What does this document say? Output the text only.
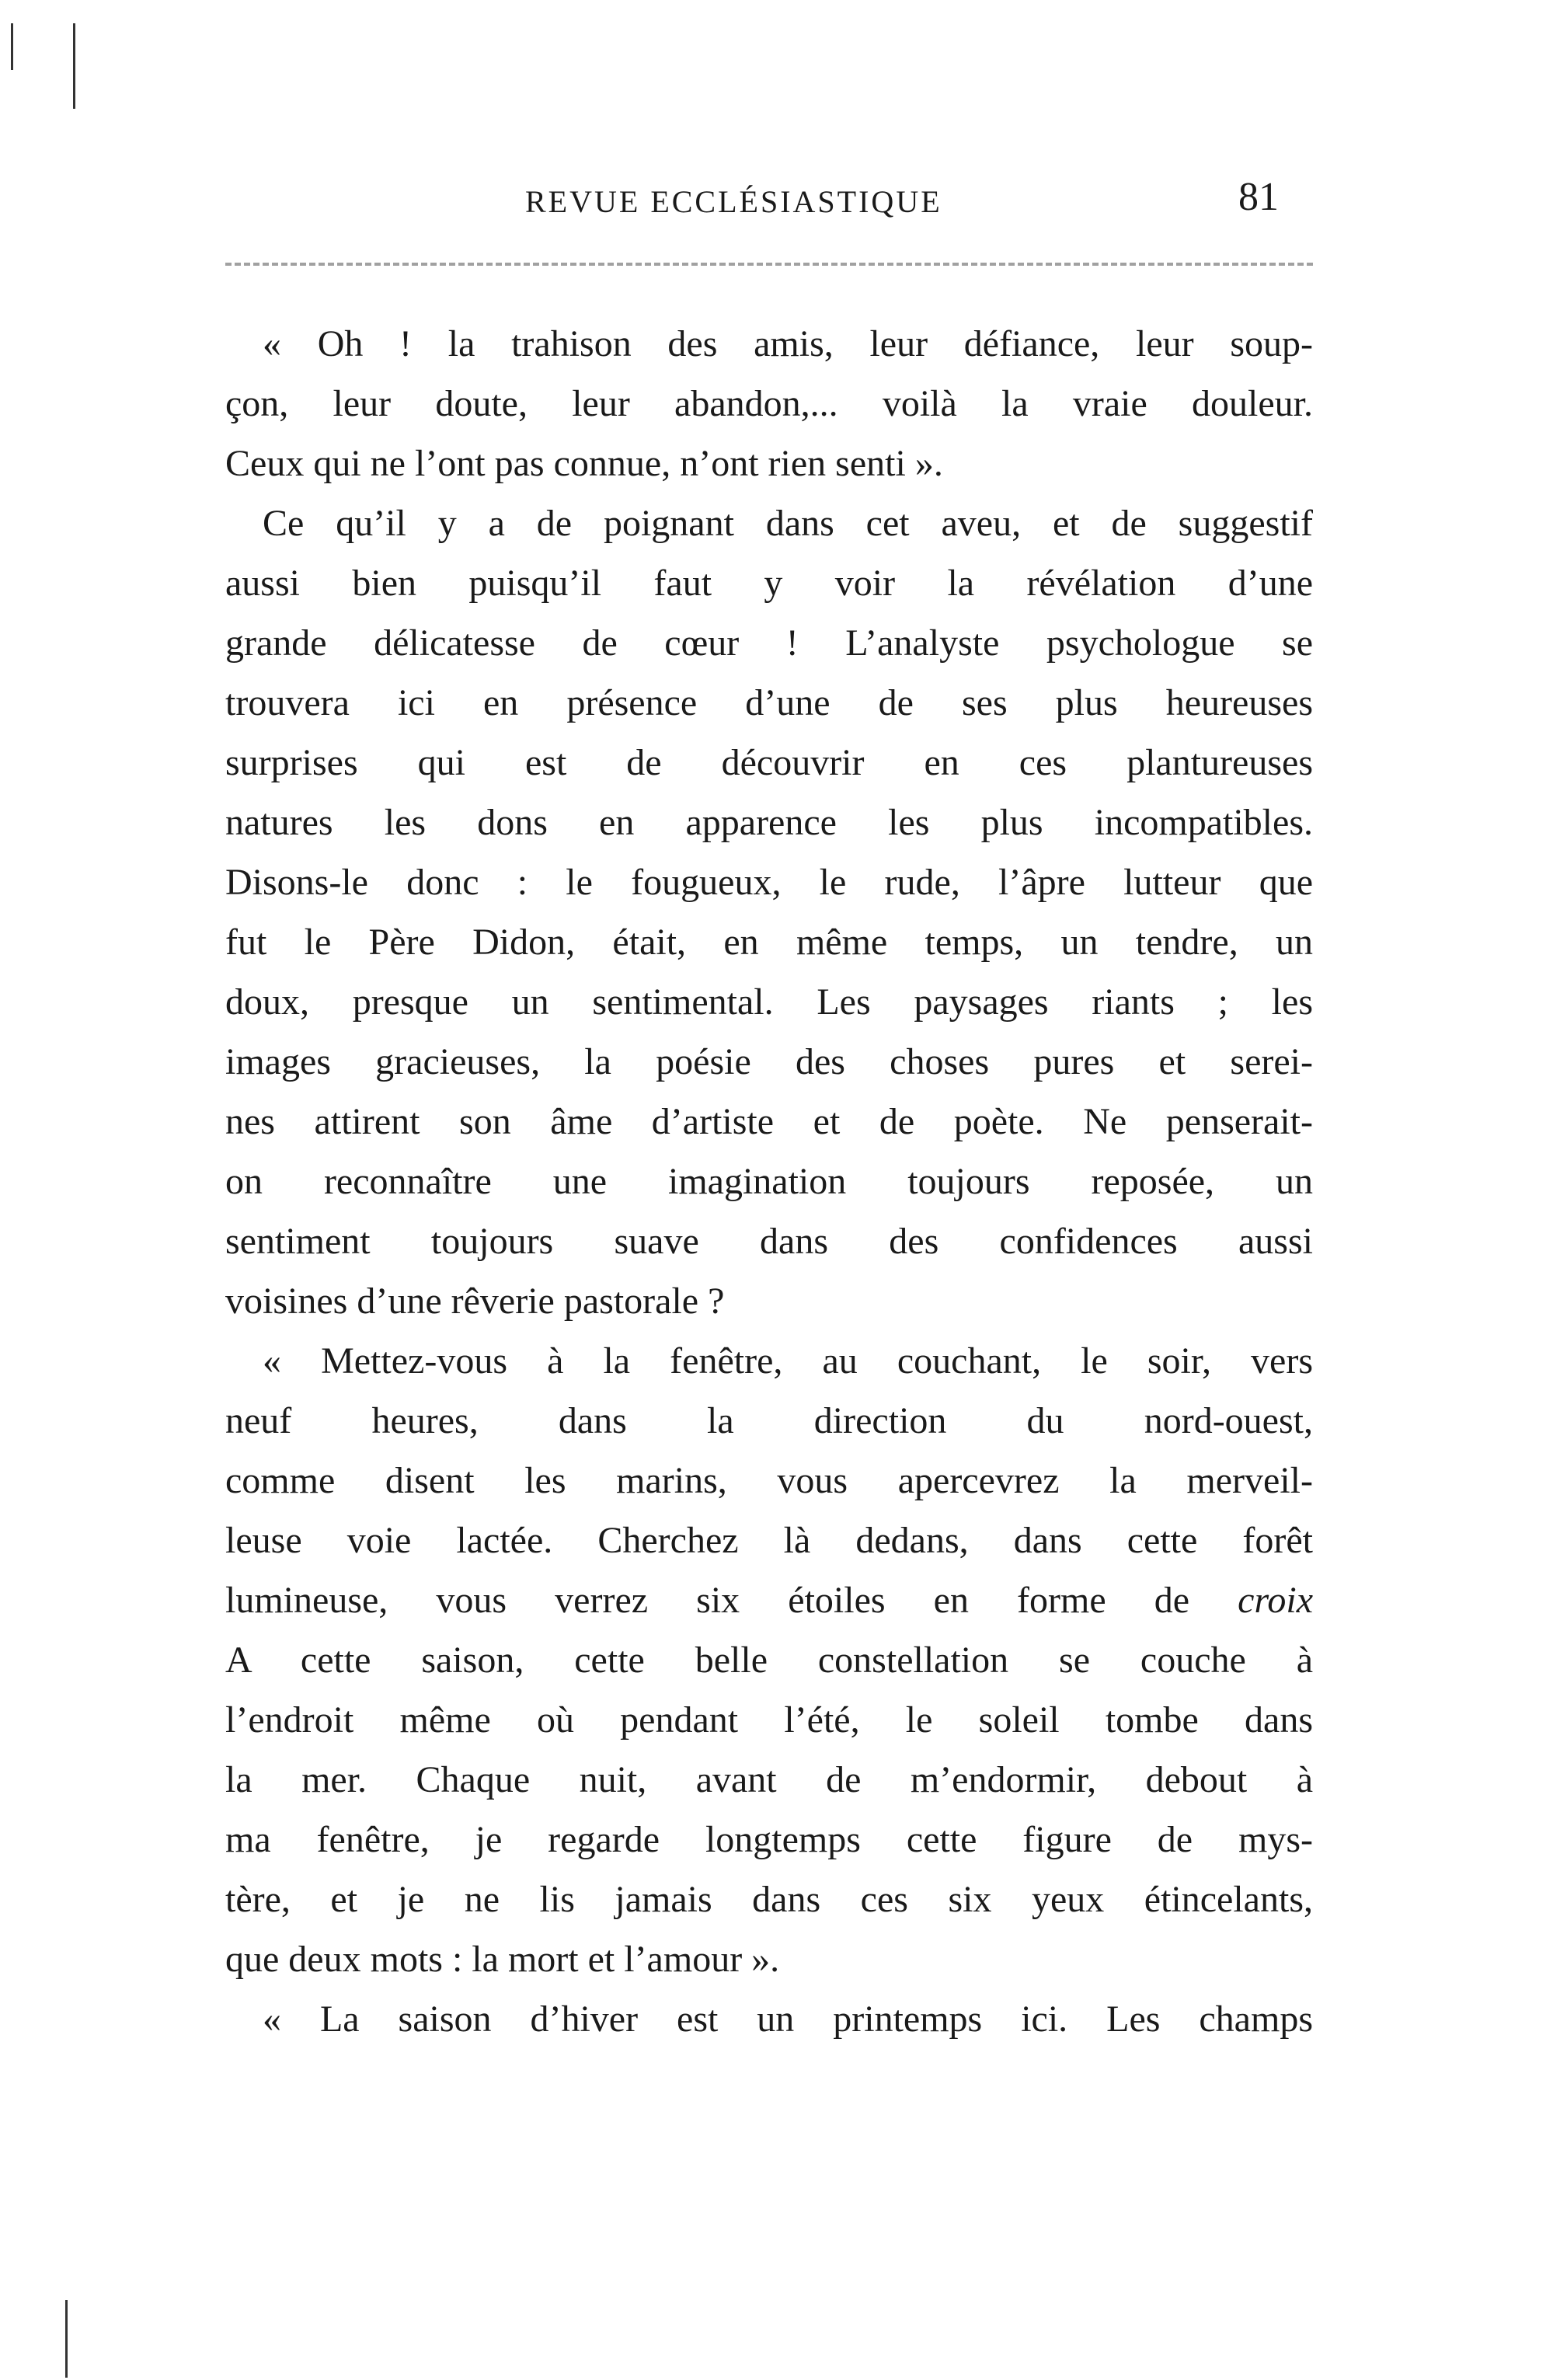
REVUE ECCLÉSIASTIQUE	81
« Oh ! la trahison des amis, leur défiance, leur soup-
çon, leur doute, leur abandon,... voilà la vraie douleur.
Ceux qui ne l’ont pas connue, n’ont rien senti ».
Ce qu’il y a de poignant dans cet aveu, et de suggestif
aussi bien puisqu’il faut y voir la révélation d’une
grande délicatesse de cœur ! L’analyste psychologue se
trouvera ici en présence d’une de ses plus heureuses
surprises qui est de découvrir en ces plantureuses
natures les dons en apparence les plus incompatibles.
Disons-le donc : le fougueux, le rude, l’âpre lutteur que
fut le Père Didon, était, en même temps, un tendre, un
doux, presque un sentimental. Les paysages riants ; les
images gracieuses, la poésie des choses pures et serei-
nes attirent son âme d’artiste et de poète. Ne penserait-
on reconnaître une imagination toujours reposée, un
sentiment toujours suave dans des confidences aussi
voisines d’une rêverie pastorale ?
« Mettez-vous à la fenêtre, au couchant, le soir, vers
neuf heures, dans la direction du nord-ouest,
comme disent les marins, vous apercevrez la merveil-
leuse voie lactée. Cherchez là dedans, dans cette forêt
lumineuse, vous verrez six étoiles en forme de croix
A cette saison, cette belle constellation se couche à
l’endroit même où pendant l’été, le soleil tombe dans
la mer. Chaque nuit, avant de m’endormir, debout à
ma fenêtre, je regarde longtemps cette figure de mys-
tère, et je ne lis jamais dans ces six yeux étincelants,
que deux mots : la mort et l’amour ».
« La saison d’hiver est un printemps ici. Les champs
